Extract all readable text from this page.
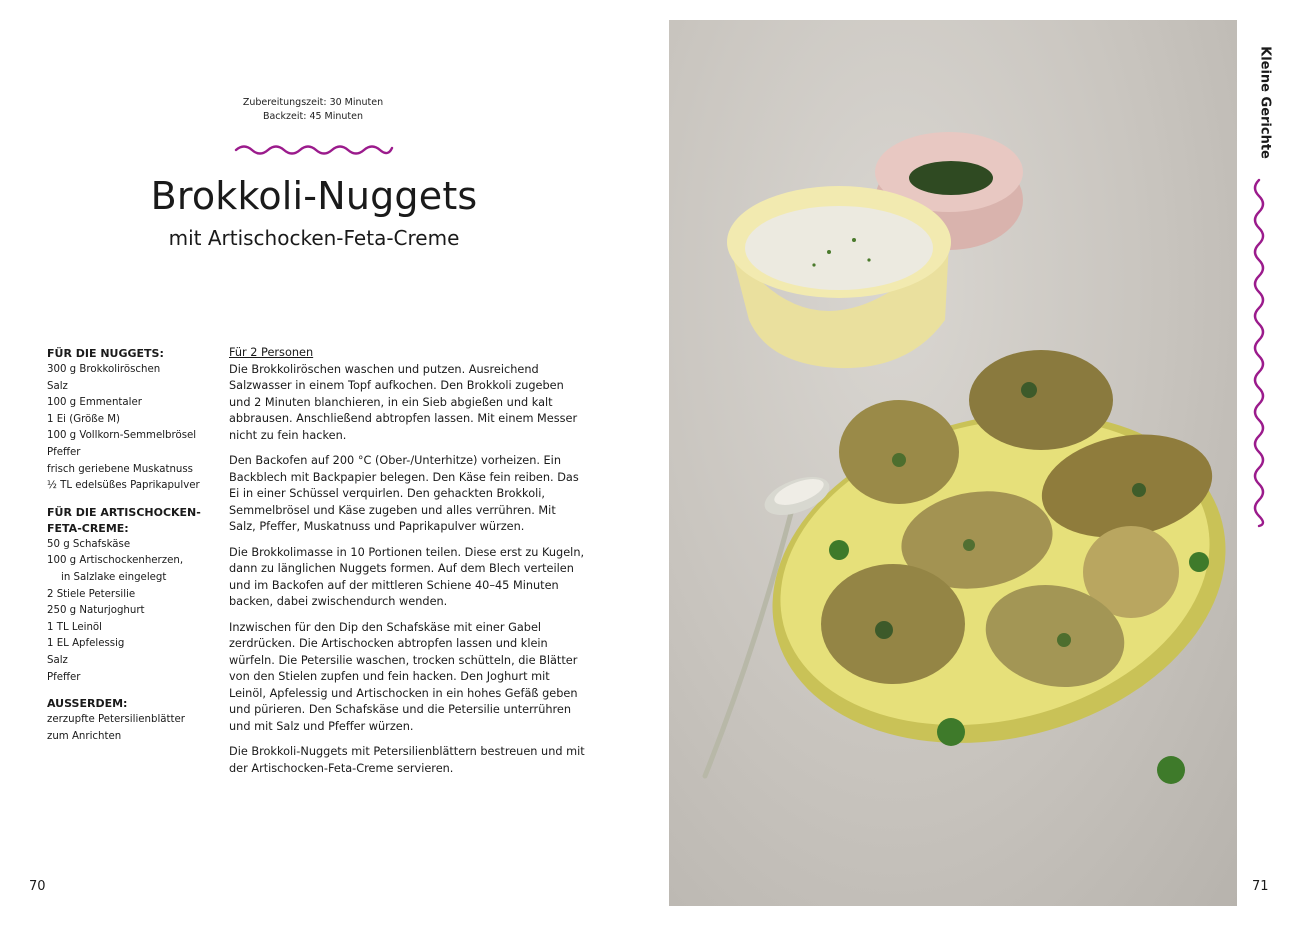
Zubereitungszeit: 30 Minuten
Backzeit: 45 Minuten
Brokkoli-Nuggets
mit Artischocken-Feta-Creme
FÜR DIE NUGGETS:
300 g Brokkoliröschen
Salz
100 g Emmentaler
1 Ei (Größe M)
100 g Vollkorn-Semmelbrösel
Pfeffer
frisch geriebene Muskatnuss
½ TL edelsüßes Paprikapulver
FÜR DIE ARTISCHOCKEN-
FETA-CREME:
50 g Schafskäse
100 g Artischockenherzen,
in Salzlake eingelegt
2 Stiele Petersilie
250 g Naturjoghurt
1 TL Leinöl
1 EL Apfelessig
Salz
Pfeffer
AUSSERDEM:
zerzupfte Petersilienblätter
zum Anrichten
Für 2 Personen

Die Brokkoliröschen waschen und putzen. Ausreichend Salzwasser in einem Topf aufkochen. Den Brokkoli zugeben und 2 Minuten blanchieren, in ein Sieb abgießen und kalt abbrausen. Anschließend abtropfen lassen. Mit einem Messer nicht zu fein hacken.

Den Backofen auf 200 °C (Ober-/Unterhitze) vorheizen. Ein Backblech mit Backpapier belegen. Den Käse fein reiben. Das Ei in einer Schüssel verquirlen. Den gehackten Brokkoli, Semmelbrösel und Käse zugeben und alles verrühren. Mit Salz, Pfeffer, Muskatnuss und Paprikapulver würzen.

Die Brokkolimasse in 10 Portionen teilen. Diese erst zu Kugeln, dann zu länglichen Nuggets formen. Auf dem Blech verteilen und im Backofen auf der mittleren Schiene 40–45 Minuten backen, dabei zwischendurch wenden.

Inzwischen für den Dip den Schafskäse mit einer Gabel zerdrücken. Die Artischocken abtropfen lassen und klein würfeln. Die Petersilie waschen, trocken schütteln, die Blätter von den Stielen zupfen und fein hacken. Den Joghurt mit Leinöl, Apfelessig und Artischocken in ein hohes Gefäß geben und pürieren. Den Schafskäse und die Petersilie unterrühren und mit Salz und Pfeffer würzen.

Die Brokkoli-Nuggets mit Petersilienblättern bestreuen und mit der Artischocken-Feta-Creme servieren.

70	71
Kleine Gerichte
